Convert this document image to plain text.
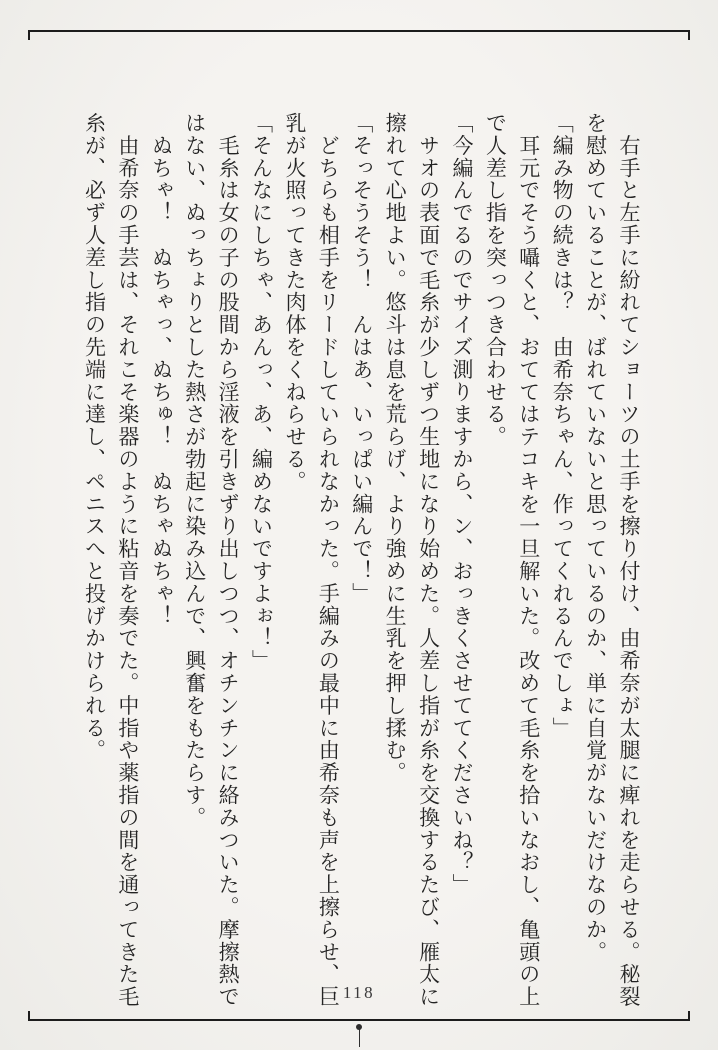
　右手と左手に紛れてショーツの土手を擦り付け、由希奈が太腿に痺れを走らせる。秘裂を慰めていることが、ばれていないと思っているのか、単に自覚がないだけなのか。

「編み物の続きは？　由希奈ちゃん、作ってくれるんでしょ」

　耳元でそう囁くと、おててはテコキを一旦解いた。改めて毛糸を拾いなおし、亀頭の上で人差し指を突っつき合わせる。

「今編んでるのでサイズ測りますから、ン、おっきくさせててくださいね？」

　サオの表面で毛糸が少しずつ生地になり始めた。人差し指が糸を交換するたび、雁太に擦れて心地よい。悠斗は息を荒らげ、より強めに生乳を押し揉む。

「そっそうそう！　んはあ、いっぱい編んで！」

　どちらも相手をリードしていられなかった。手編みの最中に由希奈も声を上擦らせ、巨乳が火照ってきた肉体をくねらせる。

「そんなにしちゃ、あんっ、あ、編めないですよぉ！」

　毛糸は女の子の股間から淫液を引きずり出しつつ、オチンチンに絡みついた。摩擦熱ではない、ぬっちょりとした熱さが勃起に染み込んで、興奮をもたらす。

　ぬちゃ！　ぬちゃっ、ぬちゅ！　ぬちゃぬちゃ！

　由希奈の手芸は、それこそ楽器のように粘音を奏でた。中指や薬指の間を通ってきた毛糸が、必ず人差し指の先端に達し、ペニスへと投げかけられる。

118
